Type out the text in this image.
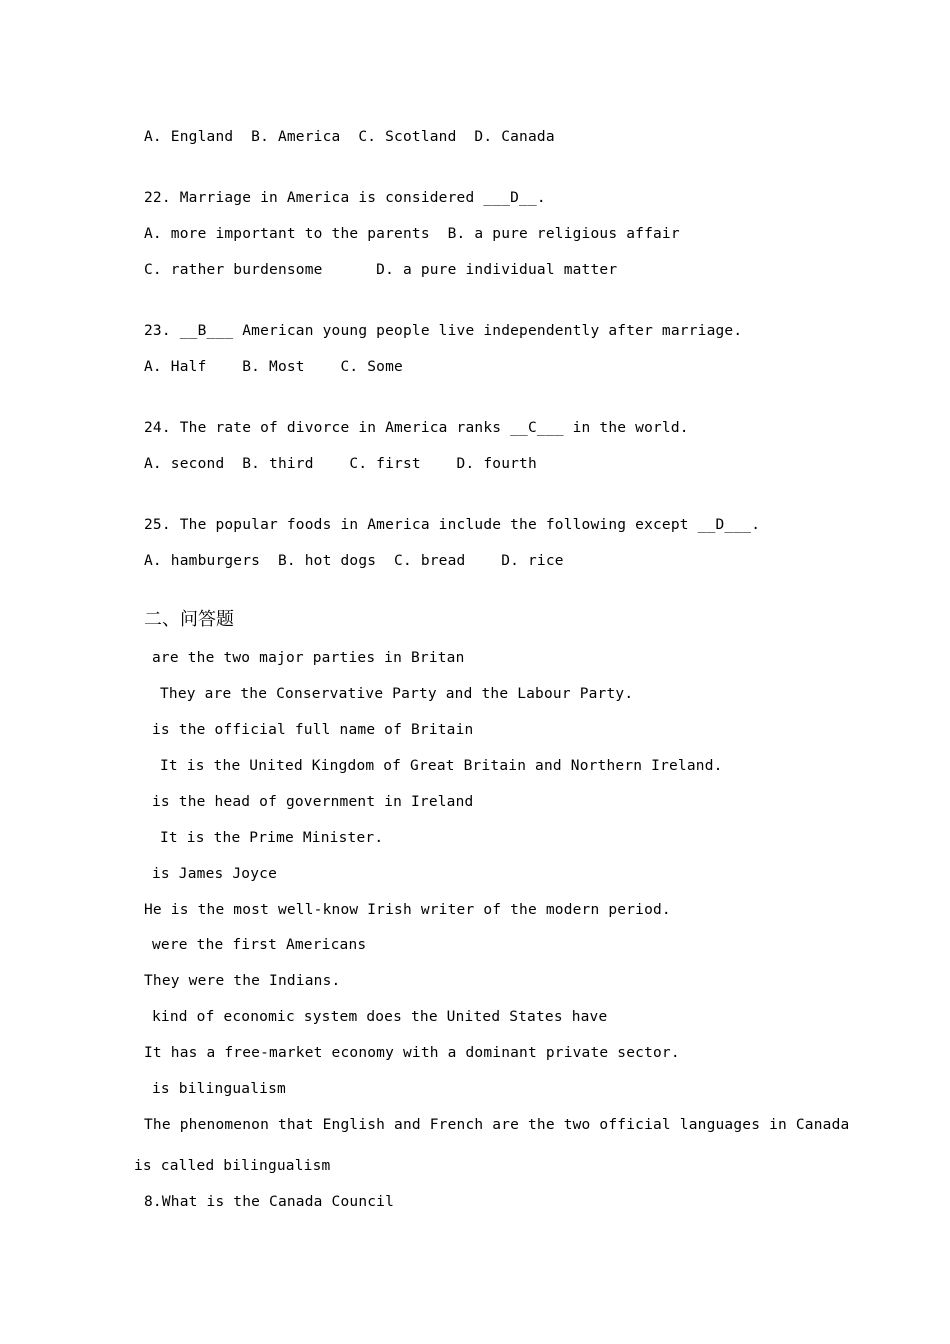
A. England  B. America  C. Scotland  D. Canada
22. Marriage in America is considered ___D__.
A. more important to the parents  B. a pure religious affair
C. rather burdensome      D. a pure individual matter
23. __B___ American young people live independently after marriage.
A. Half    B. Most    C. Some
24. The rate of divorce in America ranks __C___ in the world.
A. second  B. third    C. first    D. fourth
25. The popular foods in America include the following except __D___.
A. hamburgers  B. hot dogs  C. bread    D. rice
二、问答题
are the two major parties in Britan
They are the Conservative Party and the Labour Party.
is the official full name of Britain
It is the United Kingdom of Great Britain and Northern Ireland.
is the head of government in Ireland
It is the Prime Minister.
is James Joyce
He is the most well-know Irish writer of the modern period.
were the first Americans
They were the Indians.
kind of economic system does the United States have
It has a free-market economy with a dominant private sector.
is bilingualism
The phenomenon that English and French are the two official languages in Canada
is called bilingualism
8.What is the Canada Council
